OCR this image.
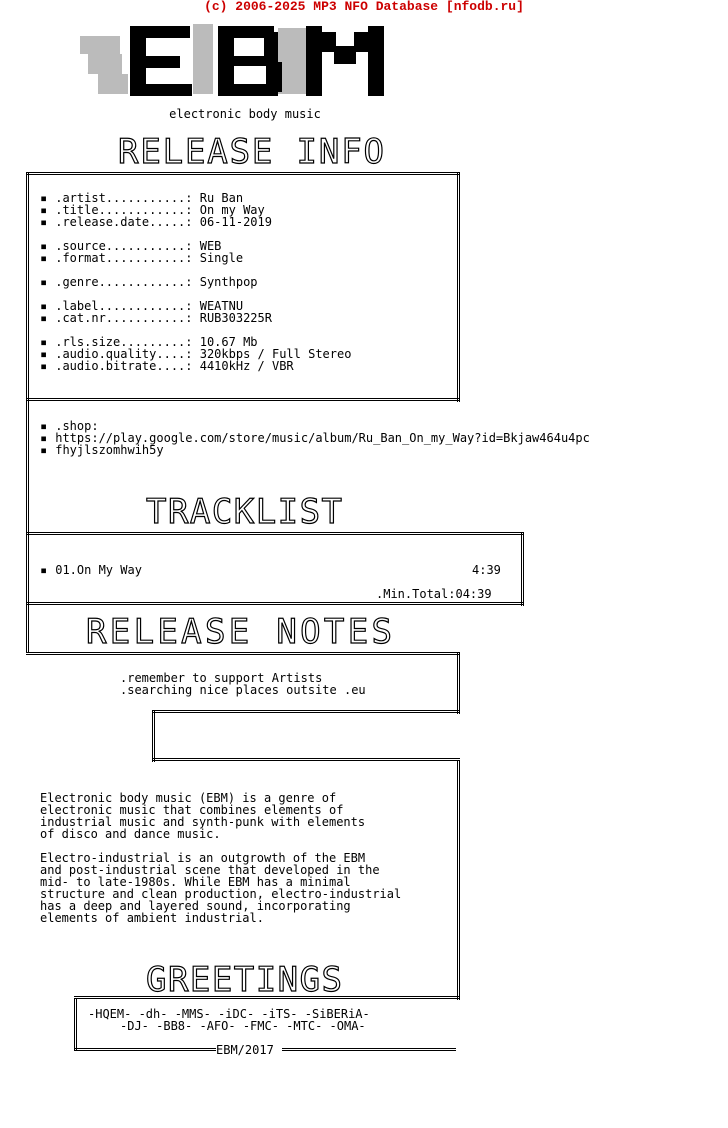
(c) 2006-2025 MP3 NFO Database [nfodb.ru]
electronic body music
RELEASE INFO
▪ .artist...........: Ru Ban
▪ .title............: On my Way
▪ .release.date.....: 06-11-2019
▪ .source...........: WEB
▪ .format...........: Single
▪ .genre............: Synthpop
▪ .label............: WEATNU
▪ .cat.nr...........: RUB303225R
▪ .rls.size.........: 10.67 Mb
▪ .audio.quality....: 320kbps / Full Stereo
▪ .audio.bitrate....: 4410kHz / VBR
▪ .shop:
▪ https://play.google.com/store/music/album/Ru_Ban_On_my_Way?id=Bkjaw464u4pc
▪ fhyjlszomhwih5y
TRACKLIST
▪ 01.On My Way	4:39
.Min.Total:04:39
RELEASE NOTES
.remember to support Artists
.searching nice places outsite .eu
Electronic body music (EBM) is a genre of
electronic music that combines elements of
industrial music and synth-punk with elements
of disco and dance music.
Electro-industrial is an outgrowth of the EBM
and post-industrial scene that developed in the
mid- to late-1980s. While EBM has a minimal
structure and clean production, electro-industrial
has a deep and layered sound, incorporating
elements of ambient industrial.
GREETINGS
-HQEM- -dh- -MMS- -iDC- -iTS- -SiBERiA-
-DJ- -BB8- -AFO- -FMC- -MTC- -OMA-
EBM/2017
